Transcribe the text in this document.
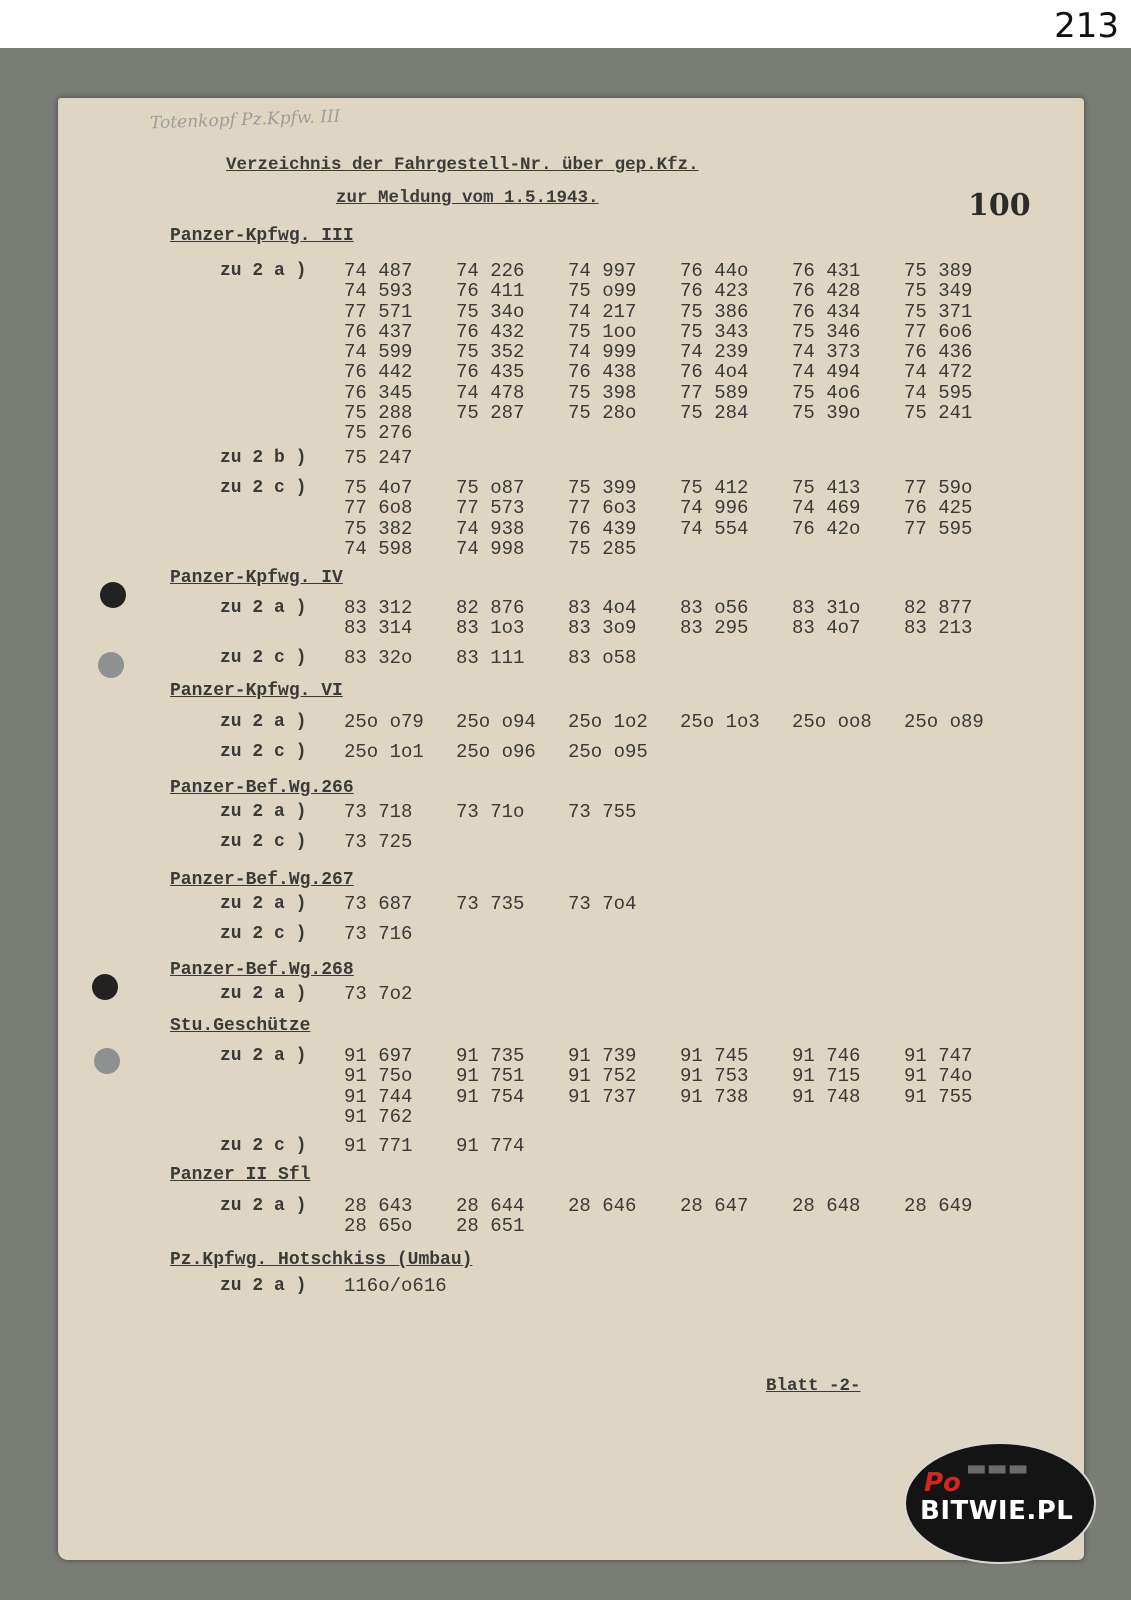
213
Totenkopf Pz.Kpfw. III
Verzeichnis der Fahrgestell-Nr. über gep.Kfz.
zur Meldung vom 1.5.1943.	100
Panzer-Kpfwg. III
zu 2 a ) 74 487	74 226	74 997	76 44o	76 431	75 389
74 593	76 411	75 o99	76 423	76 428	75 349
77 571	75 34o	74 217	75 386	76 434	75 371
76 437	76 432	75 1oo	75 343	75 346	77 6o6
74 599	75 352	74 999	74 239	74 373	76 436
76 442	76 435	76 438	76 4o4	74 494	74 472
76 345	74 478	75 398	77 589	75 4o6	74 595
75 288	75 287	75 28o	75 284	75 39o	75 241
75 276
zu 2 b ) 75 247
zu 2 c ) 75 4o7	75 o87	75 399	75 412	75 413	77 59o
77 6o8	77 573	77 6o3	74 996	74 469	76 425
75 382	74 938	76 439	74 554	76 42o	77 595
74 598	74 998	75 285
Panzer-Kpfwg. IV
zu 2 a ) 83 312	82 876	83 4o4	83 o56	83 31o	82 877
83 314	83 1o3	83 3o9	83 295	83 4o7	83 213
zu 2 c ) 83 32o	83 111	83 o58
Panzer-Kpfwg. VI
zu 2 a ) 25o o79	25o o94	25o 1o2	25o 1o3	25o oo8	25o o89
zu 2 c ) 25o 1o1	25o o96	25o o95
Panzer-Bef.Wg.266
zu 2 a ) 73 718	73 71o	73 755
zu 2 c ) 73 725
Panzer-Bef.Wg.267
zu 2 a ) 73 687	73 735	73 7o4
zu 2 c ) 73 716
Panzer-Bef.Wg.268
zu 2 a ) 73 7o2
Stu.Geschütze
zu 2 a ) 91 697	91 735	91 739	91 745	91 746	91 747
91 75o	91 751	91 752	91 753	91 715	91 74o
91 744	91 754	91 737	91 738	91 748	91 755
91 762
zu 2 c ) 91 771	91 774
Panzer II Sfl
zu 2 a ) 28 643	28 644	28 646	28 647	28 648	28 649
28 65o	28 651
Pz.Kpfwg. Hotschkiss (Umbau)
zu 2 a ) 116o/o616
Blatt -2-
▬▬▬
Po
BITWIE.PL
